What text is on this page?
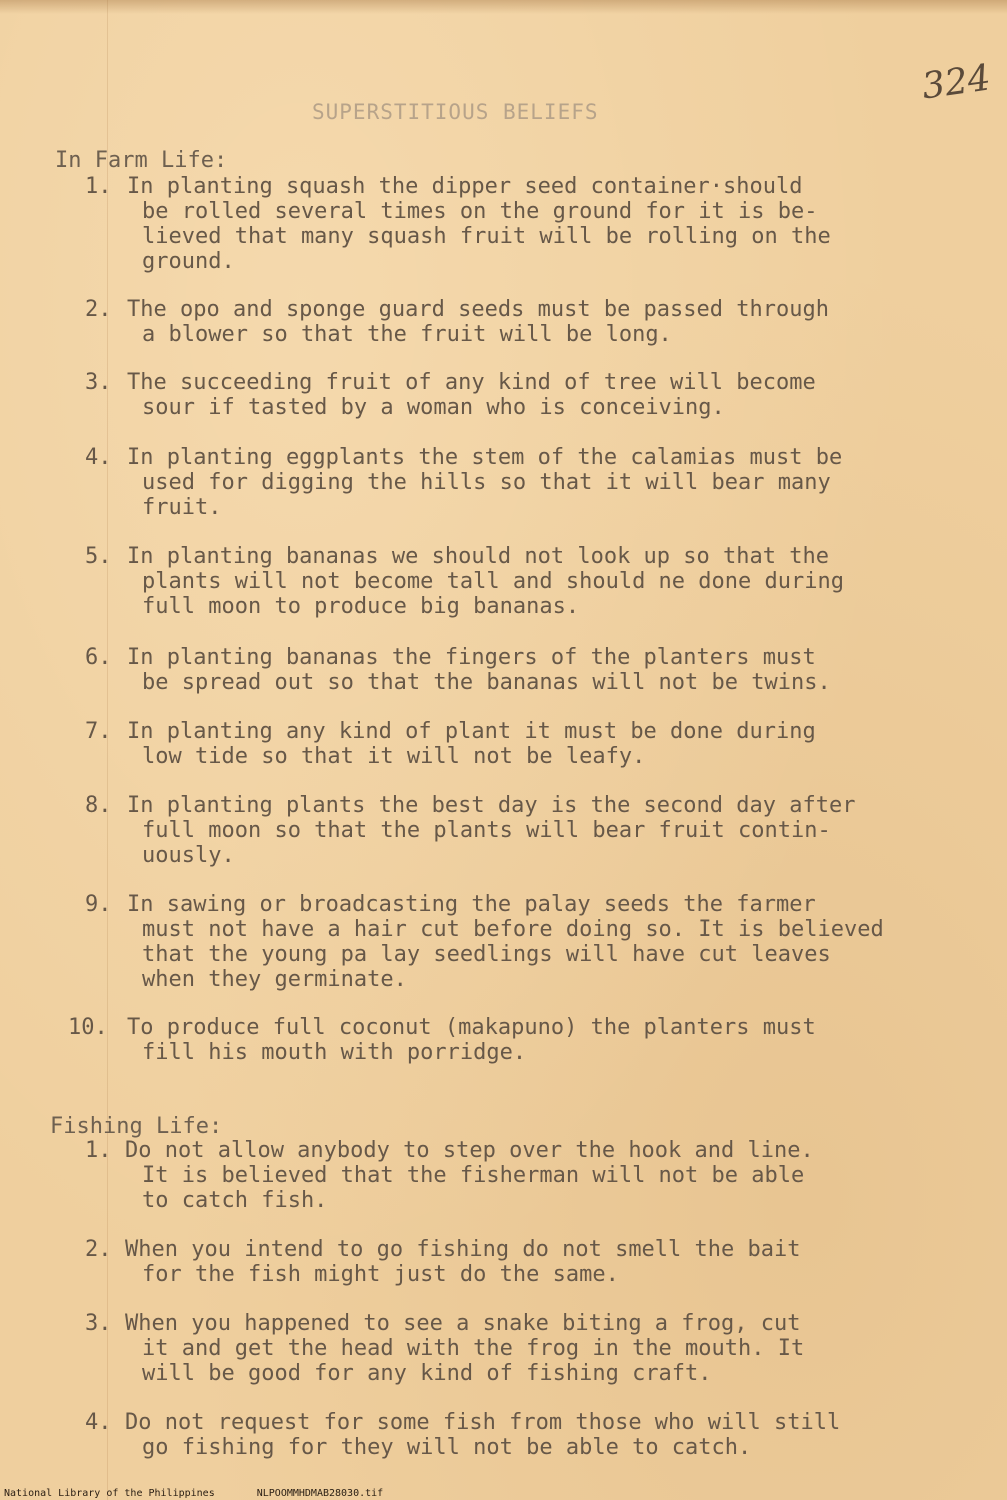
324
SUPERSTITIOUS BELIEFS
In Farm Life:
1. In planting squash the dipper seed container·should
be rolled several times on the ground for it is be-
lieved that many squash fruit will be rolling on the
ground.
2. The opo and sponge guard seeds must be passed through
a blower so that the fruit will be long.
3. The succeeding fruit of any kind of tree will become
sour if tasted by a woman who is conceiving.
4. In planting eggplants the stem of the calamias must be
used for digging the hills so that it will bear many
fruit.
5. In planting bananas we should not look up so that the
plants will not become tall and should ne done during
full moon to produce big bananas.
6. In planting bananas the fingers of the planters must
be spread out so that the bananas will not be twins.
7. In planting any kind of plant it must be done during
low tide so that it will not be leafy.
8. In planting plants the best day is the second day after
full moon so that the plants will bear fruit contin-
uously.
9. In sawing or broadcasting the palay seeds the farmer
must not have a hair cut before doing so. It is believed
that the young pa lay seedlings will have cut leaves
when they germinate.
10. To produce full coconut (makapuno) the planters must
fill his mouth with porridge.
Fishing Life:
1. Do not allow anybody to step over the hook and line.
It is believed that the fisherman will not be able
to catch fish.
2. When you intend to go fishing do not smell the bait
for the fish might just do the same.
3. When you happened to see a snake biting a frog, cut
it and get the head with the frog in the mouth. It
will be good for any kind of fishing craft.
4. Do not request for some fish from those who will still
go fishing for they will not be able to catch.
National Library of the Philippines	NLPOOMMHDMAB28030.tif
